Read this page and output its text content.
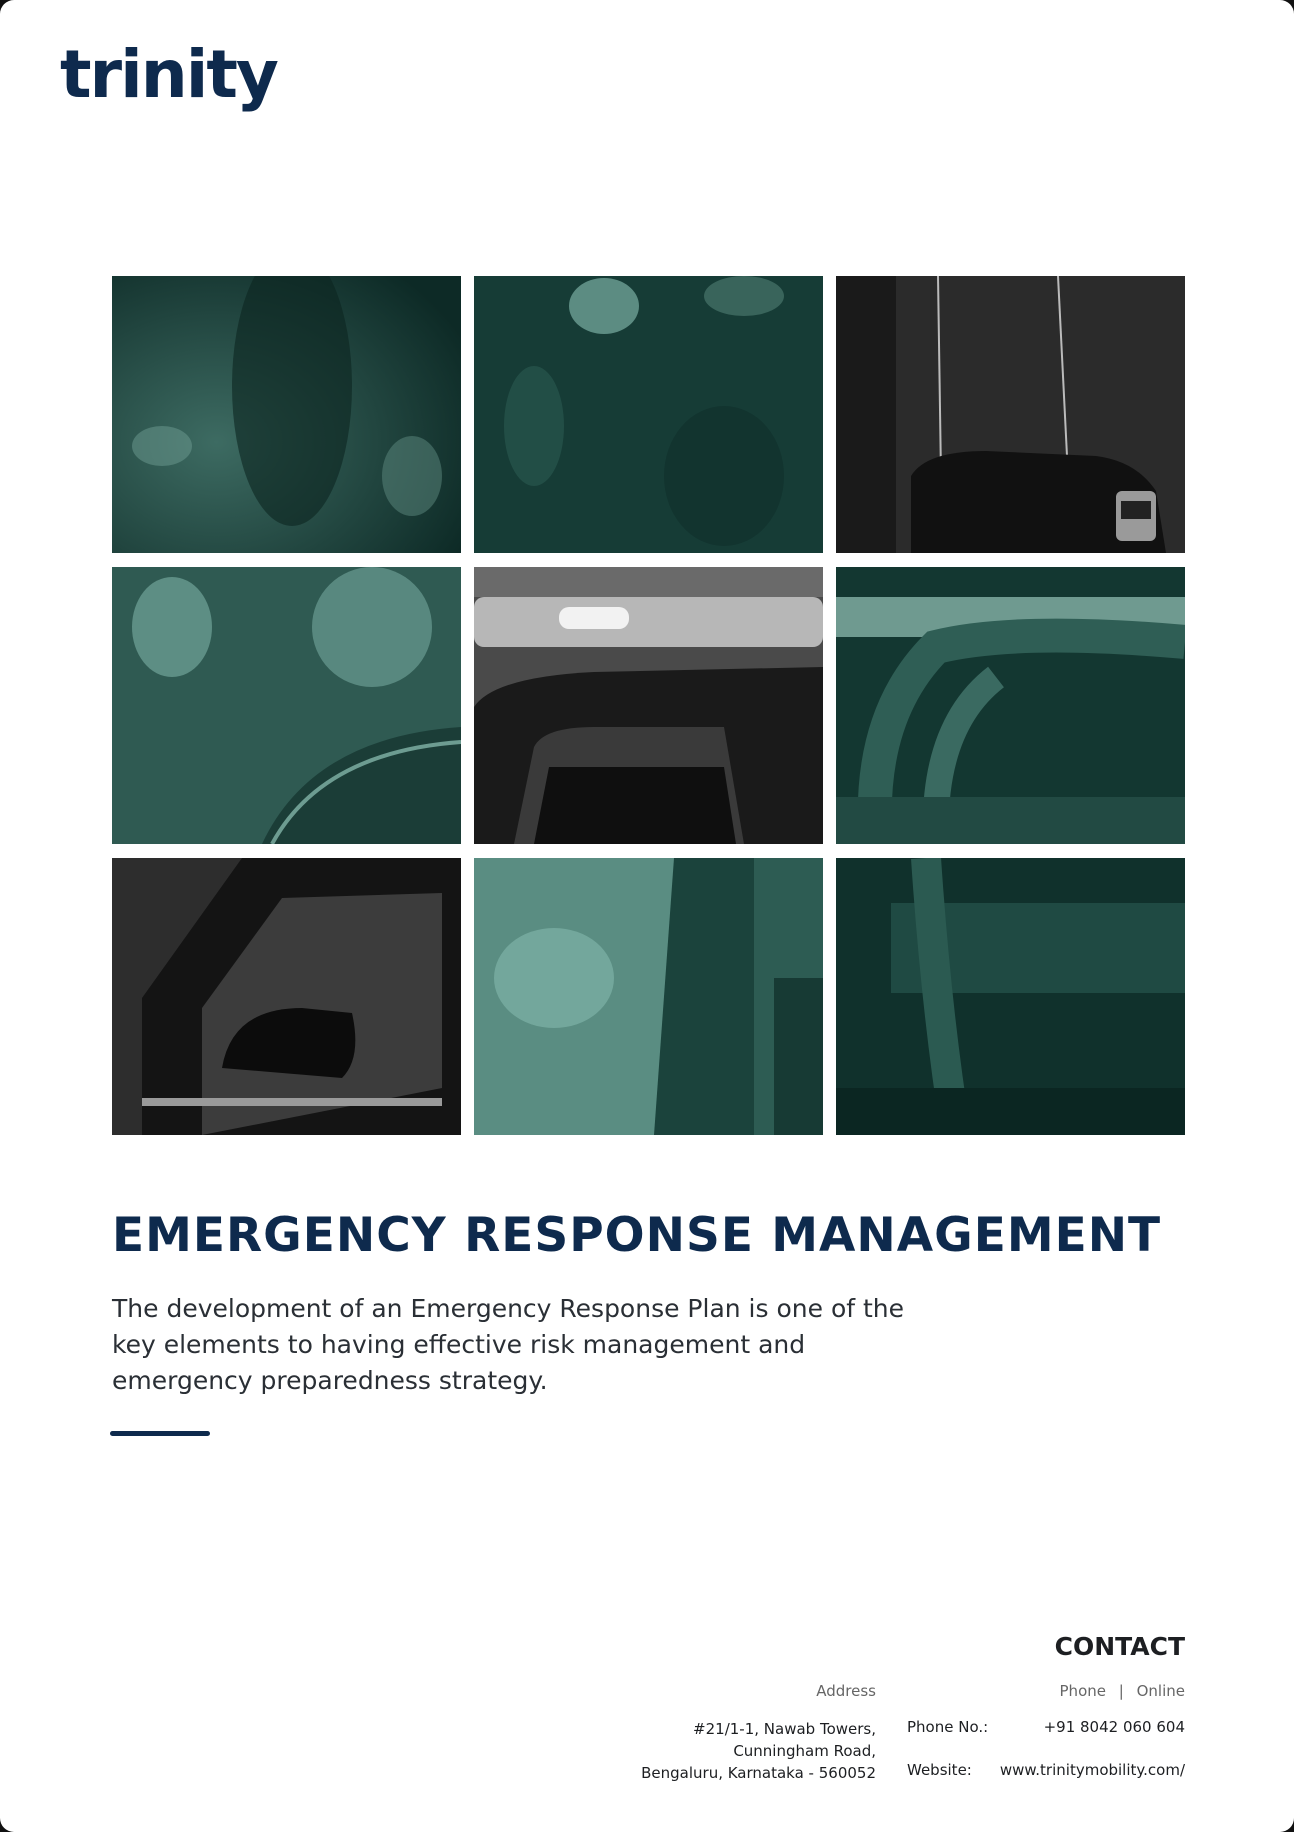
trinity
EMERGENCY RESPONSE MANAGEMENT

The development of an Emergency Response Plan is one of the key elements to having effective risk management and emergency preparedness strategy.

CONTACT
Address	Phone | Online
#21/1-1, Nawab Towers,
Cunningham Road,
Bengaluru, Karnataka - 560052
Phone No.:	+91 8042 060 604
Website: www.trinitymobility.com/
